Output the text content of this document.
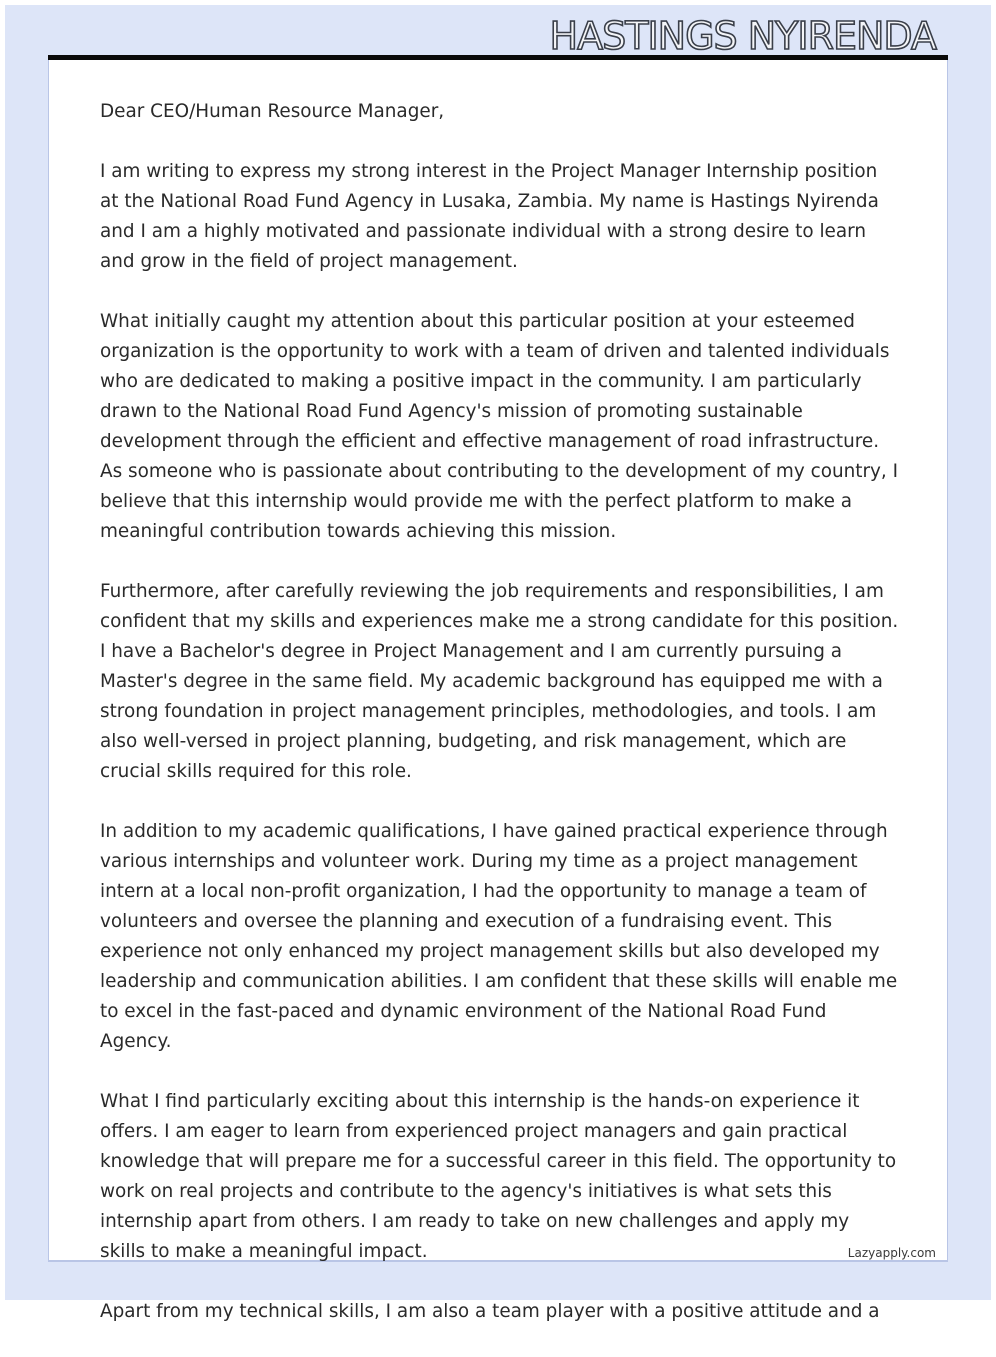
HASTINGS NYIRENDA

Dear CEO/Human Resource Manager,

I am writing to express my strong interest in the Project Manager Internship position at the National Road Fund Agency in Lusaka, Zambia. My name is Hastings Nyirenda and I am a highly motivated and passionate individual with a strong desire to learn and grow in the field of project management.

What initially caught my attention about this particular position at your esteemed organization is the opportunity to work with a team of driven and talented individuals who are dedicated to making a positive impact in the community. I am particularly drawn to the National Road Fund Agency's mission of promoting sustainable development through the efficient and effective management of road infrastructure. As someone who is passionate about contributing to the development of my country, I believe that this internship would provide me with the perfect platform to make a meaningful contribution towards achieving this mission.

Furthermore, after carefully reviewing the job requirements and responsibilities, I am confident that my skills and experiences make me a strong candidate for this position. I have a Bachelor's degree in Project Management and I am currently pursuing a Master's degree in the same field. My academic background has equipped me with a strong foundation in project management principles, methodologies, and tools. I am also well-versed in project planning, budgeting, and risk management, which are crucial skills required for this role.

In addition to my academic qualifications, I have gained practical experience through various internships and volunteer work. During my time as a project management intern at a local non-profit organization, I had the opportunity to manage a team of volunteers and oversee the planning and execution of a fundraising event. This experience not only enhanced my project management skills but also developed my leadership and communication abilities. I am confident that these skills will enable me to excel in the fast-paced and dynamic environment of the National Road Fund Agency.

What I find particularly exciting about this internship is the hands-on experience it offers. I am eager to learn from experienced project managers and gain practical knowledge that will prepare me for a successful career in this field. The opportunity to work on real projects and contribute to the agency's initiatives is what sets this internship apart from others. I am ready to take on new challenges and apply my skills to make a meaningful impact.

Apart from my technical skills, I am also a team player with a positive attitude and a

Lazyapply.com
